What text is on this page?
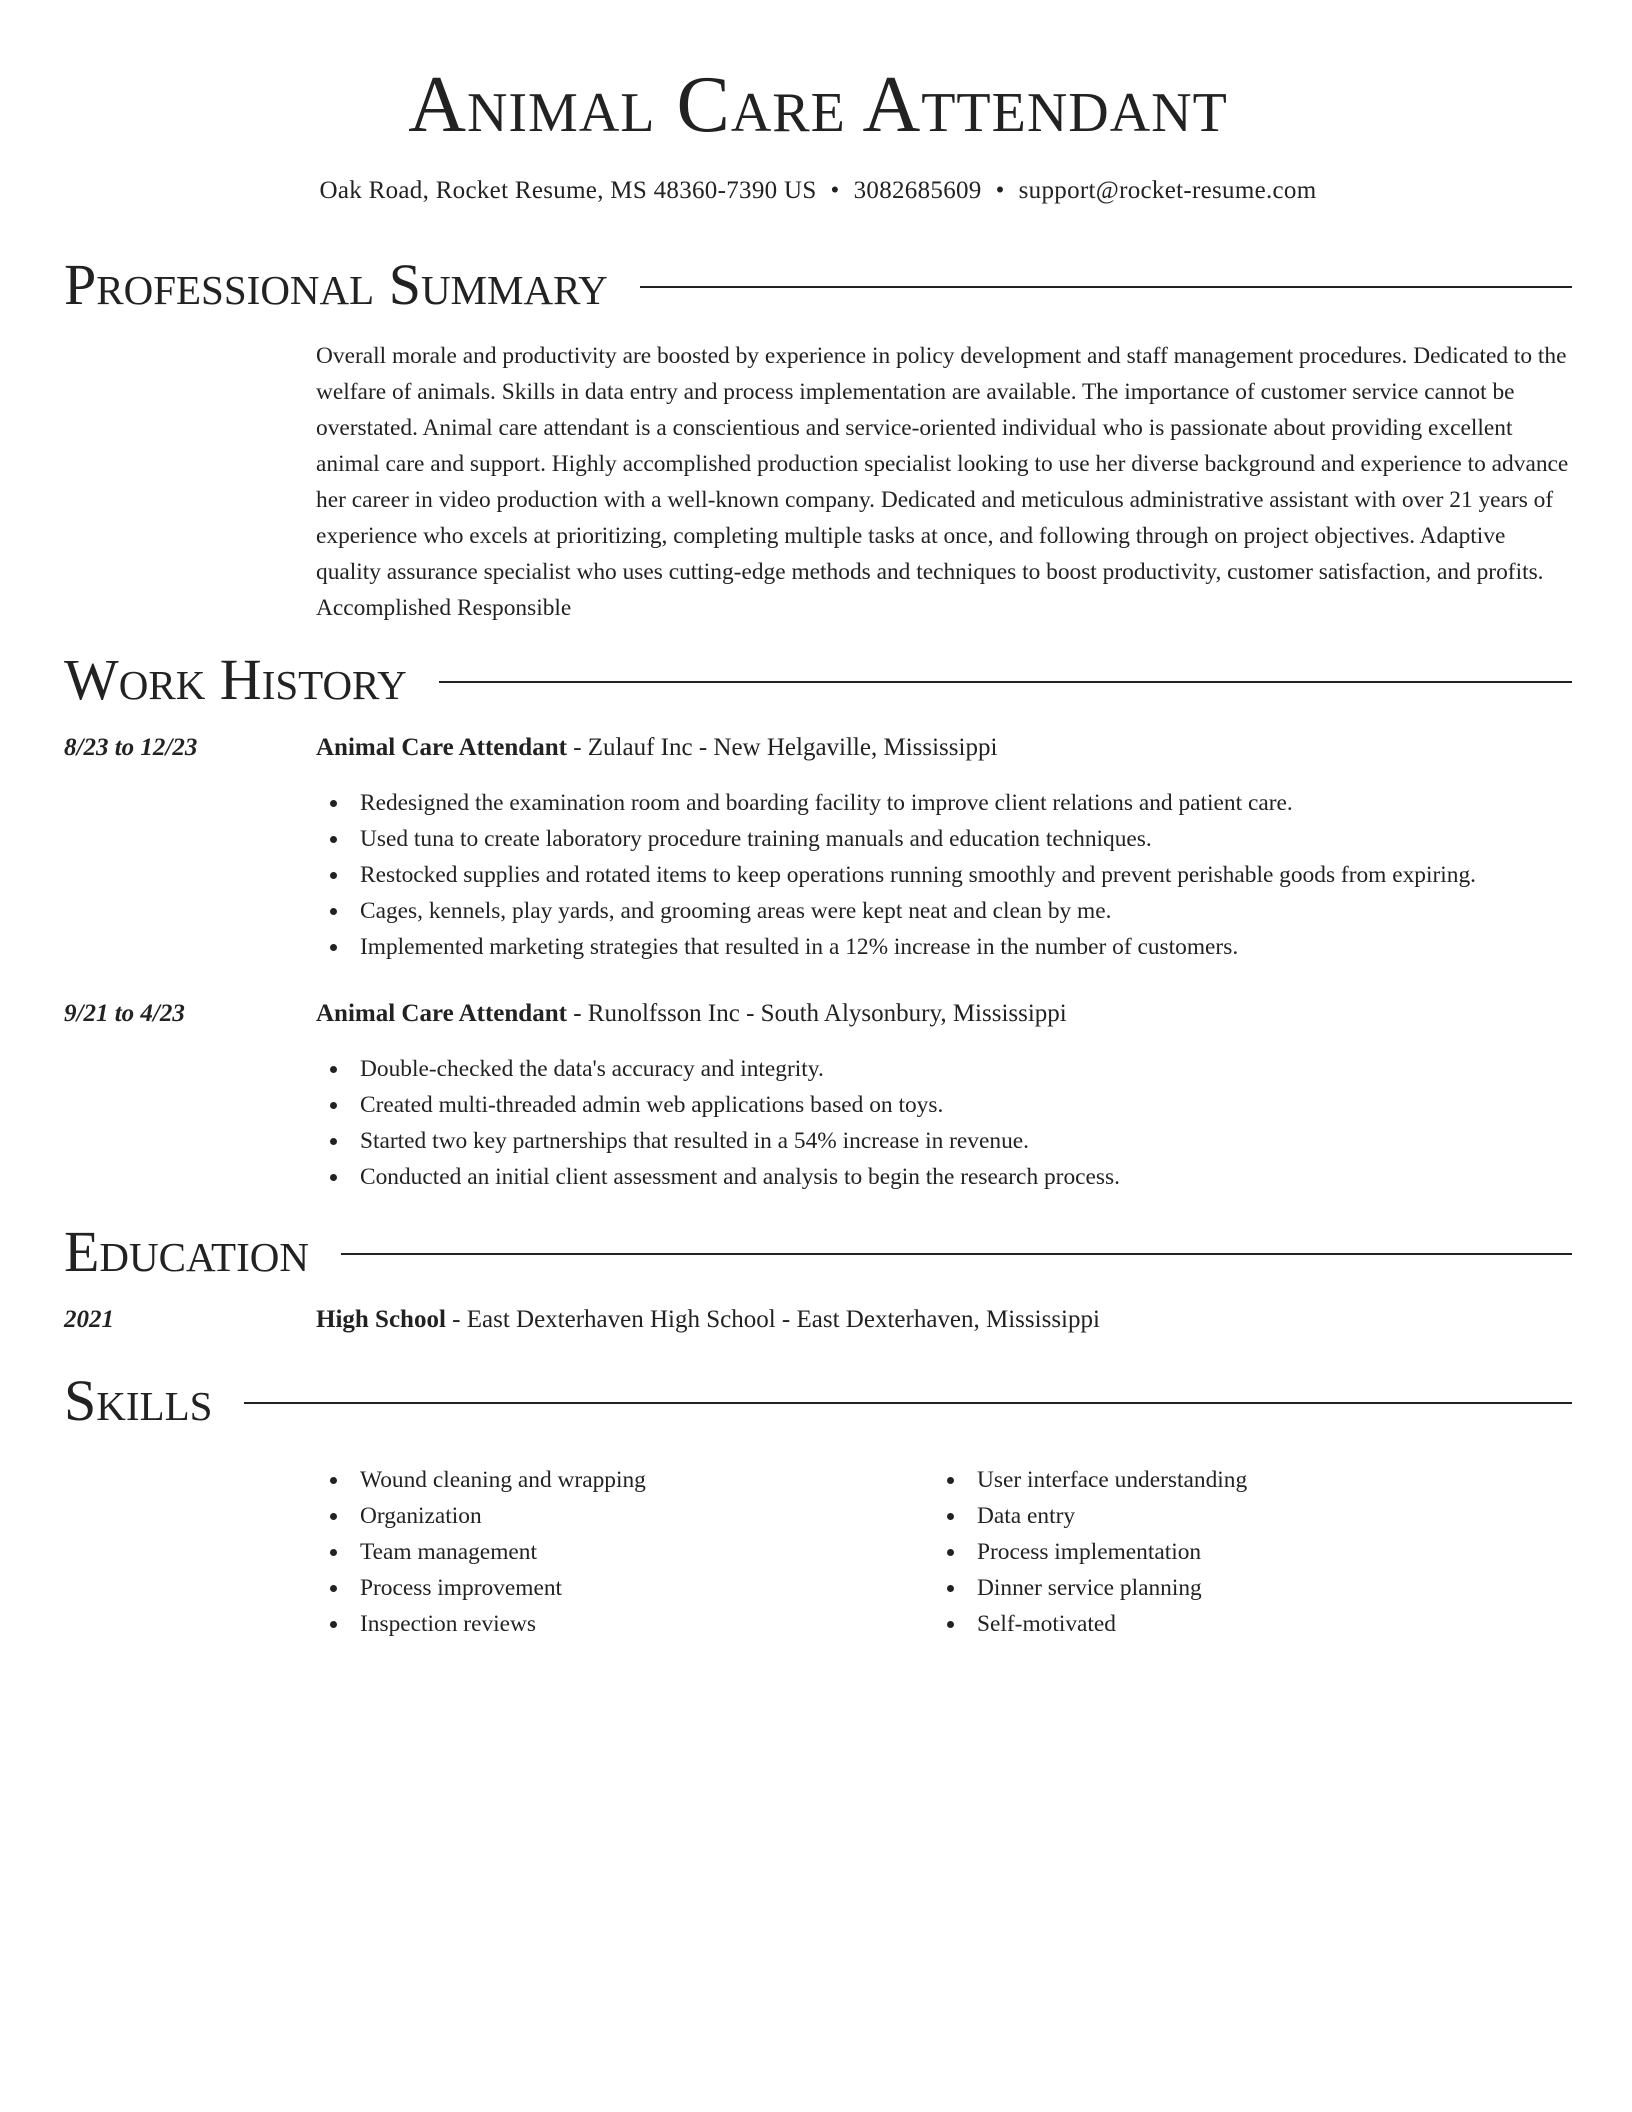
Animal Care Attendant
Oak Road, Rocket Resume, MS 48360-7390 US • 3082685609 • support@rocket-resume.com
Professional Summary

Overall morale and productivity are boosted by experience in policy development and staff management procedures. Dedicated to the welfare of animals. Skills in data entry and process implementation are available. The importance of customer service cannot be overstated. Animal care attendant is a conscientious and service-oriented individual who is passionate about providing excellent animal care and support. Highly accomplished production specialist looking to use her diverse background and experience to advance her career in video production with a well-known company. Dedicated and meticulous administrative assistant with over 21 years of experience who excels at prioritizing, completing multiple tasks at once, and following through on project objectives. Adaptive quality assurance specialist who uses cutting-edge methods and techniques to boost productivity, customer satisfaction, and profits. Accomplished Responsible

Work History
8/23 to 12/23	Animal Care Attendant - Zulauf Inc - New Helgaville, Mississippi
Redesigned the examination room and boarding facility to improve client relations and patient care.
Used tuna to create laboratory procedure training manuals and education techniques.
Restocked supplies and rotated items to keep operations running smoothly and prevent perishable goods from expiring.
Cages, kennels, play yards, and grooming areas were kept neat and clean by me.
Implemented marketing strategies that resulted in a 12% increase in the number of customers.
9/21 to 4/23	Animal Care Attendant - Runolfsson Inc - South Alysonbury, Mississippi
Double-checked the data's accuracy and integrity.
Created multi-threaded admin web applications based on toys.
Started two key partnerships that resulted in a 54% increase in revenue.
Conducted an initial client assessment and analysis to begin the research process.
Education
2021	High School - East Dexterhaven High School - East Dexterhaven, Mississippi
Skills
Wound cleaning and wrapping
Organization
Team management
Process improvement
Inspection reviews
User interface understanding
Data entry
Process implementation
Dinner service planning
Self-motivated
